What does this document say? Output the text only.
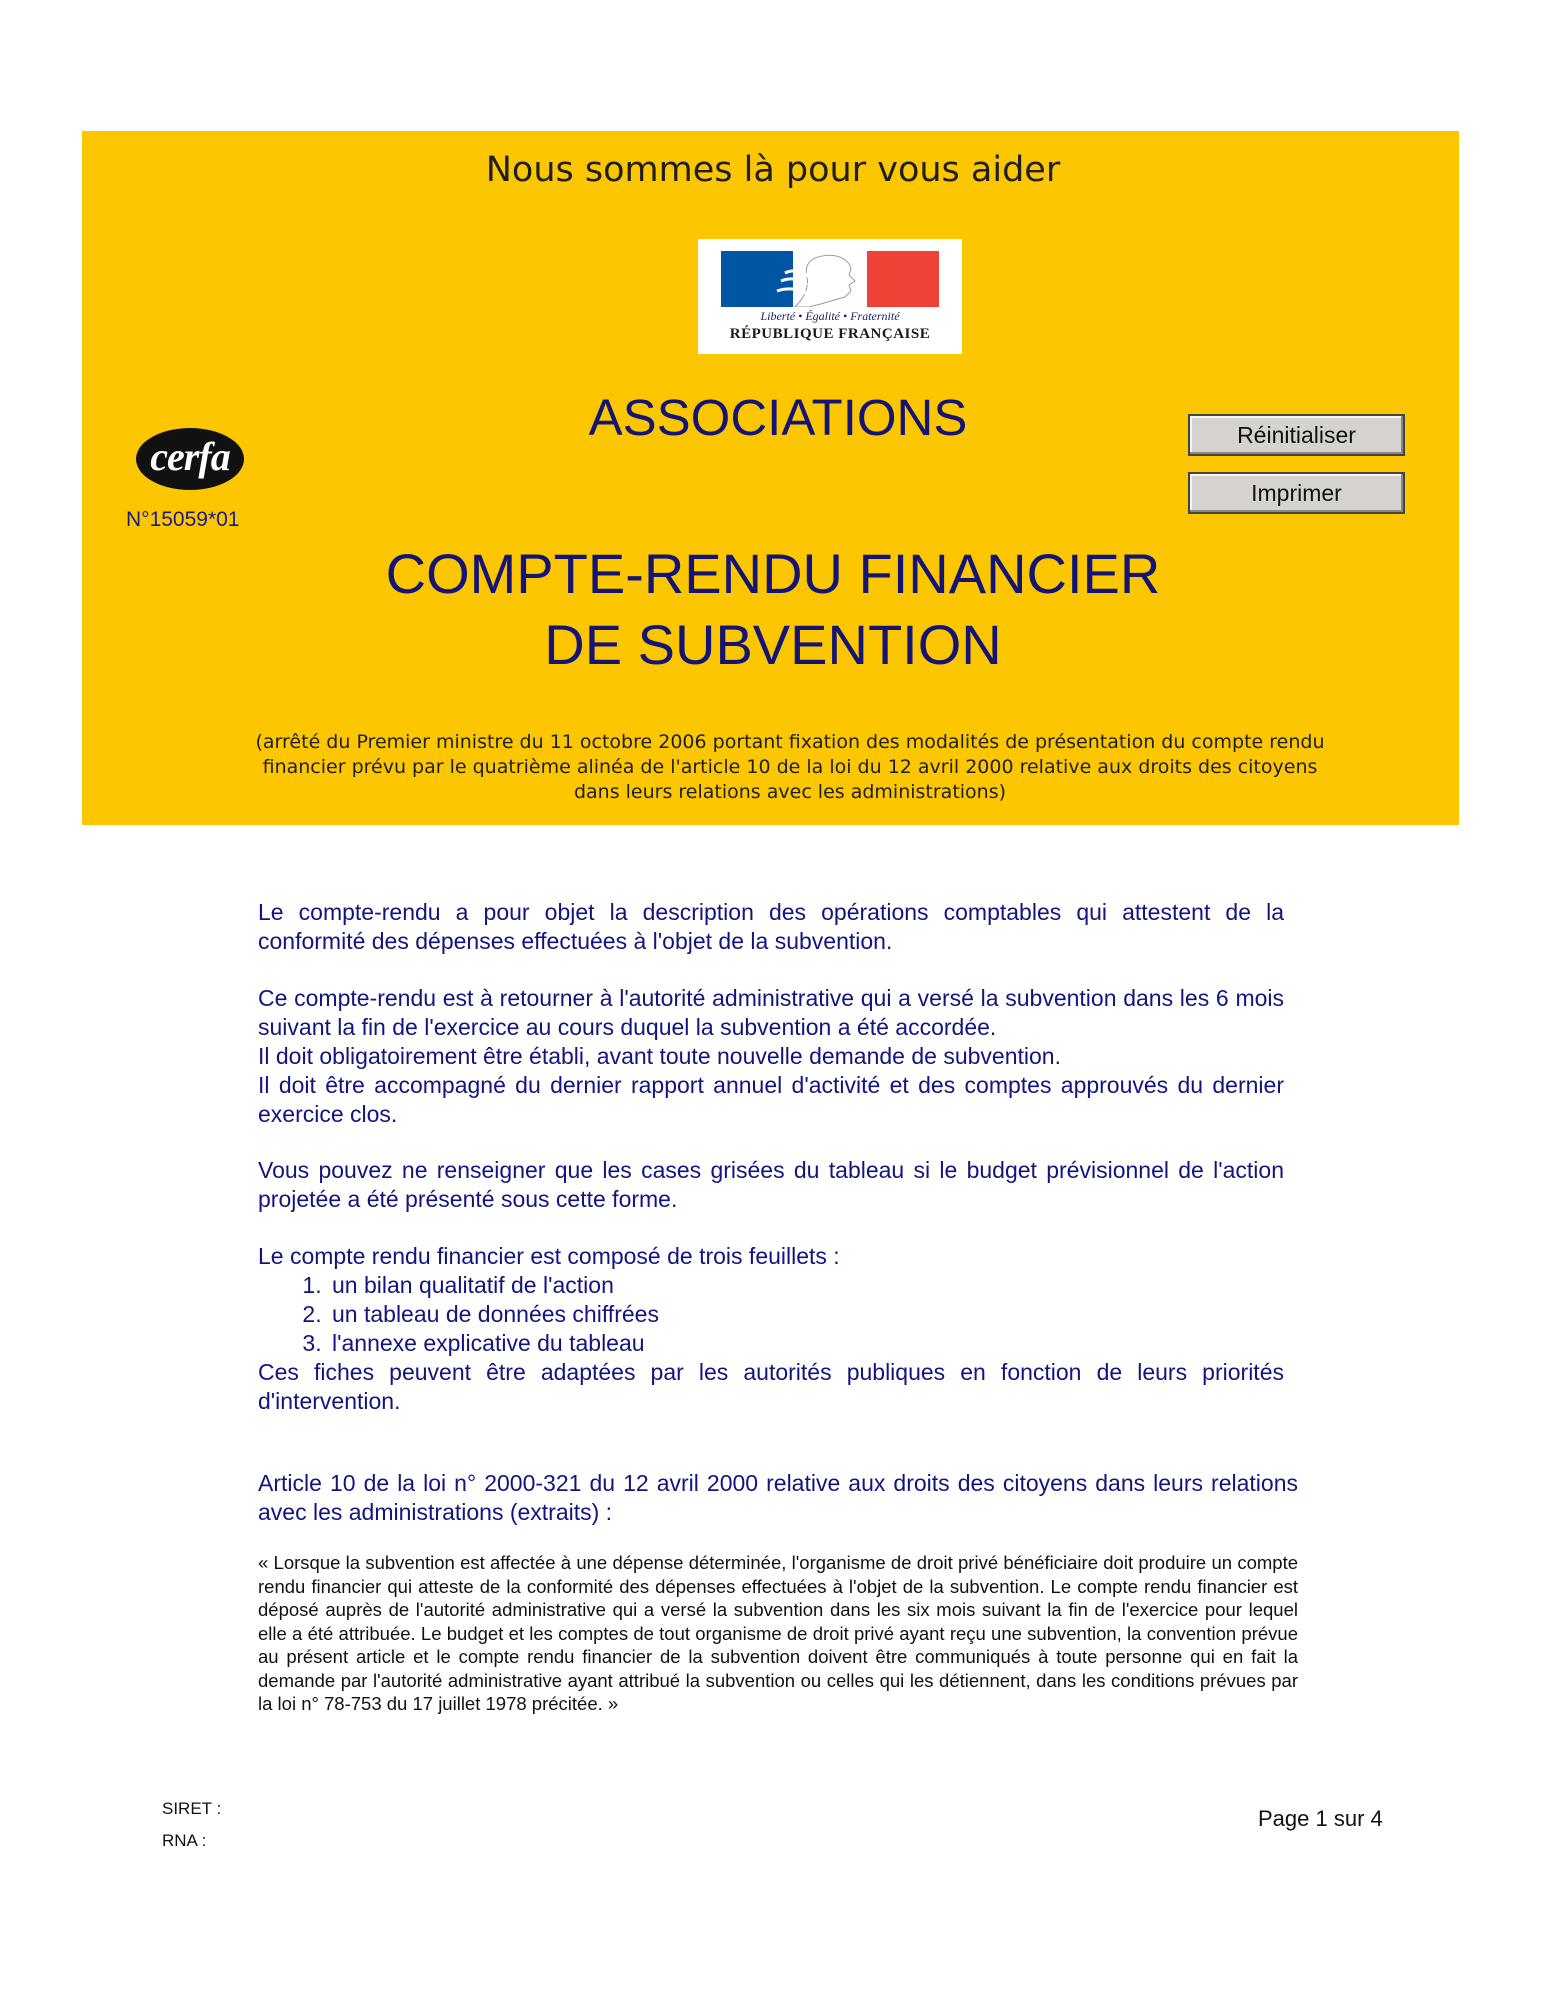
Nous sommes là pour vous aider
Liberté • Égalité • Fraternité
RÉPUBLIQUE FRANÇAISE
cerfa
N°15059*01
ASSOCIATIONS	Réinitialiser
Imprimer
COMPTE-RENDU FINANCIER
DE SUBVENTION
(arrêté du Premier ministre du 11 octobre 2006 portant fixation des modalités de présentation du compte rendu financier prévu par le quatrième alinéa de l'article 10 de la loi du 12 avril 2000 relative aux droits des citoyens dans leurs relations avec les administrations)
Le compte-rendu a pour objet la description des opérations comptables qui attestent de la conformité des dépenses effectuées à l'objet de la subvention.
Ce compte-rendu est à retourner à l'autorité administrative qui a versé la subvention dans les 6 mois suivant la fin de l'exercice au cours duquel la subvention a été accordée.
Il doit obligatoirement être établi, avant toute nouvelle demande de subvention.
Il doit être accompagné du dernier rapport annuel d'activité et des comptes approuvés du dernier exercice clos.
Vous pouvez ne renseigner que les cases grisées du tableau si le budget prévisionnel de l'action projetée a été présenté sous cette forme.
Le compte rendu financier est composé de trois feuillets :
1. un bilan qualitatif de l'action
2. un tableau de données chiffrées
3. l'annexe explicative du tableau
Ces fiches peuvent être adaptées par les autorités publiques en fonction de leurs priorités d'intervention.
Article 10 de la loi n° 2000-321 du 12 avril 2000 relative aux droits des citoyens dans leurs relations avec les administrations (extraits) :
« Lorsque la subvention est affectée à une dépense déterminée, l'organisme de droit privé bénéficiaire doit produire un compte rendu financier qui atteste de la conformité des dépenses effectuées à l'objet de la subvention. Le compte rendu financier est déposé auprès de l'autorité administrative qui a versé la subvention dans les six mois suivant la fin de l'exercice pour lequel elle a été attribuée. Le budget et les comptes de tout organisme de droit privé ayant reçu une subvention, la convention prévue au présent article et le compte rendu financier de la subvention doivent être communiqués à toute personne qui en fait la demande par l'autorité administrative ayant attribué la subvention ou celles qui les détiennent, dans les conditions prévues par la loi n° 78-753 du 17 juillet 1978 précitée. »
SIRET :
RNA :
Page 1 sur 4
